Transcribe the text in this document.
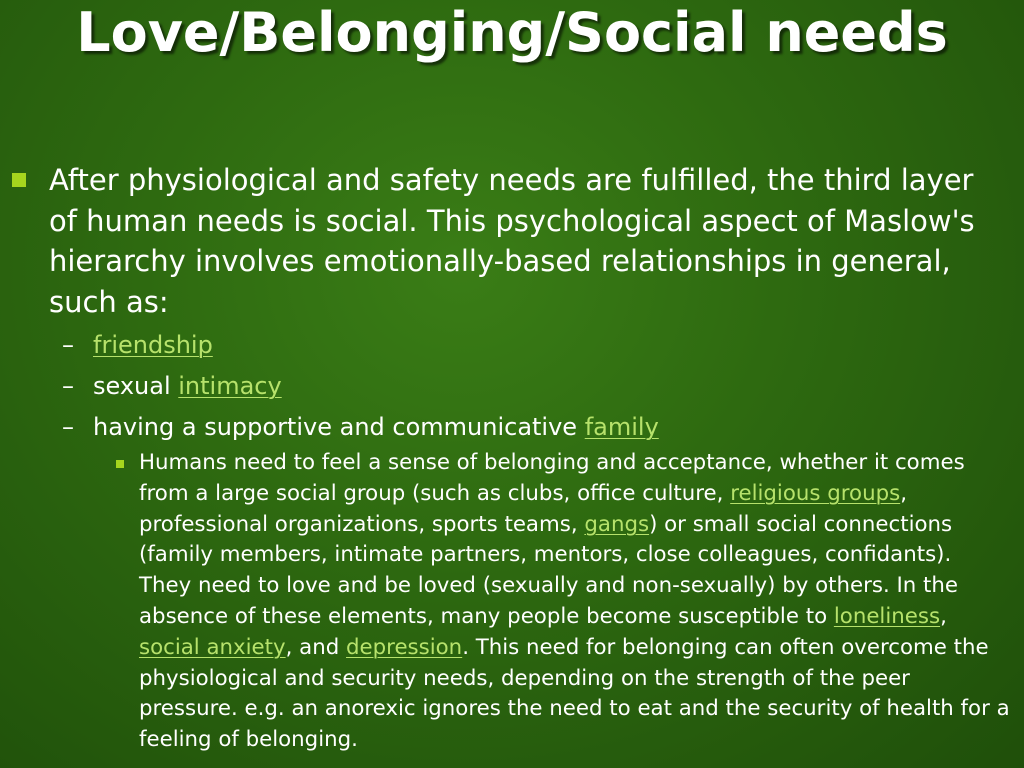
Love/Belonging/Social needs
After physiological and safety needs are fulfilled, the third layer of human needs is social. This psychological aspect of Maslow's hierarchy involves emotionally-based relationships in general, such as:
– friendship
– sexual intimacy
– having a supportive and communicative family
Humans need to feel a sense of belonging and acceptance, whether it comes from a large social group (such as clubs, office culture, religious groups, professional organizations, sports teams, gangs) or small social connections (family members, intimate partners, mentors, close colleagues, confidants). They need to love and be loved (sexually and non-sexually) by others. In the absence of these elements, many people become susceptible to loneliness, social anxiety, and depression. This need for belonging can often overcome the physiological and security needs, depending on the strength of the peer pressure. e.g. an anorexic ignores the need to eat and the security of health for a feeling of belonging.
